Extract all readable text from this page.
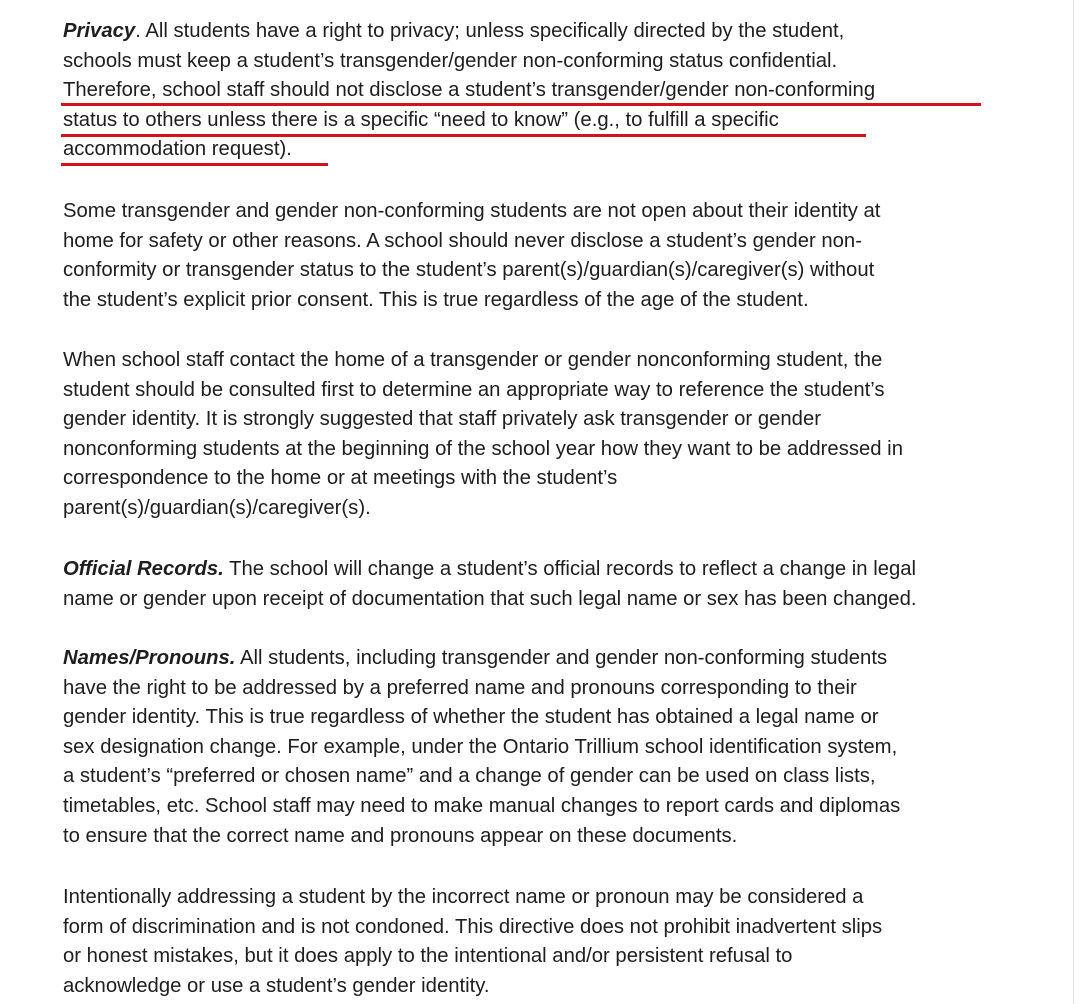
Privacy. All students have a right to privacy; unless specifically directed by the student,
schools must keep a student’s transgender/gender non-conforming status confidential.
Therefore, school staff should not disclose a student’s transgender/gender non-conforming
status to others unless there is a specific “need to know” (e.g., to fulfill a specific
accommodation request).

Some transgender and gender non-conforming students are not open about their identity at
home for safety or other reasons. A school should never disclose a student’s gender non-
conformity or transgender status to the student’s parent(s)/guardian(s)/caregiver(s) without
the student’s explicit prior consent. This is true regardless of the age of the student.

When school staff contact the home of a transgender or gender nonconforming student, the
student should be consulted first to determine an appropriate way to reference the student’s
gender identity. It is strongly suggested that staff privately ask transgender or gender
nonconforming students at the beginning of the school year how they want to be addressed in
correspondence to the home or at meetings with the student’s
parent(s)/guardian(s)/caregiver(s).

Official Records. The school will change a student’s official records to reflect a change in legal
name or gender upon receipt of documentation that such legal name or sex has been changed.

Names/Pronouns. All students, including transgender and gender non-conforming students
have the right to be addressed by a preferred name and pronouns corresponding to their
gender identity. This is true regardless of whether the student has obtained a legal name or
sex designation change. For example, under the Ontario Trillium school identification system,
a student’s “preferred or chosen name” and a change of gender can be used on class lists,
timetables, etc. School staff may need to make manual changes to report cards and diplomas
to ensure that the correct name and pronouns appear on these documents.

Intentionally addressing a student by the incorrect name or pronoun may be considered a
form of discrimination and is not condoned. This directive does not prohibit inadvertent slips
or honest mistakes, but it does apply to the intentional and/or persistent refusal to
acknowledge or use a student’s gender identity.
